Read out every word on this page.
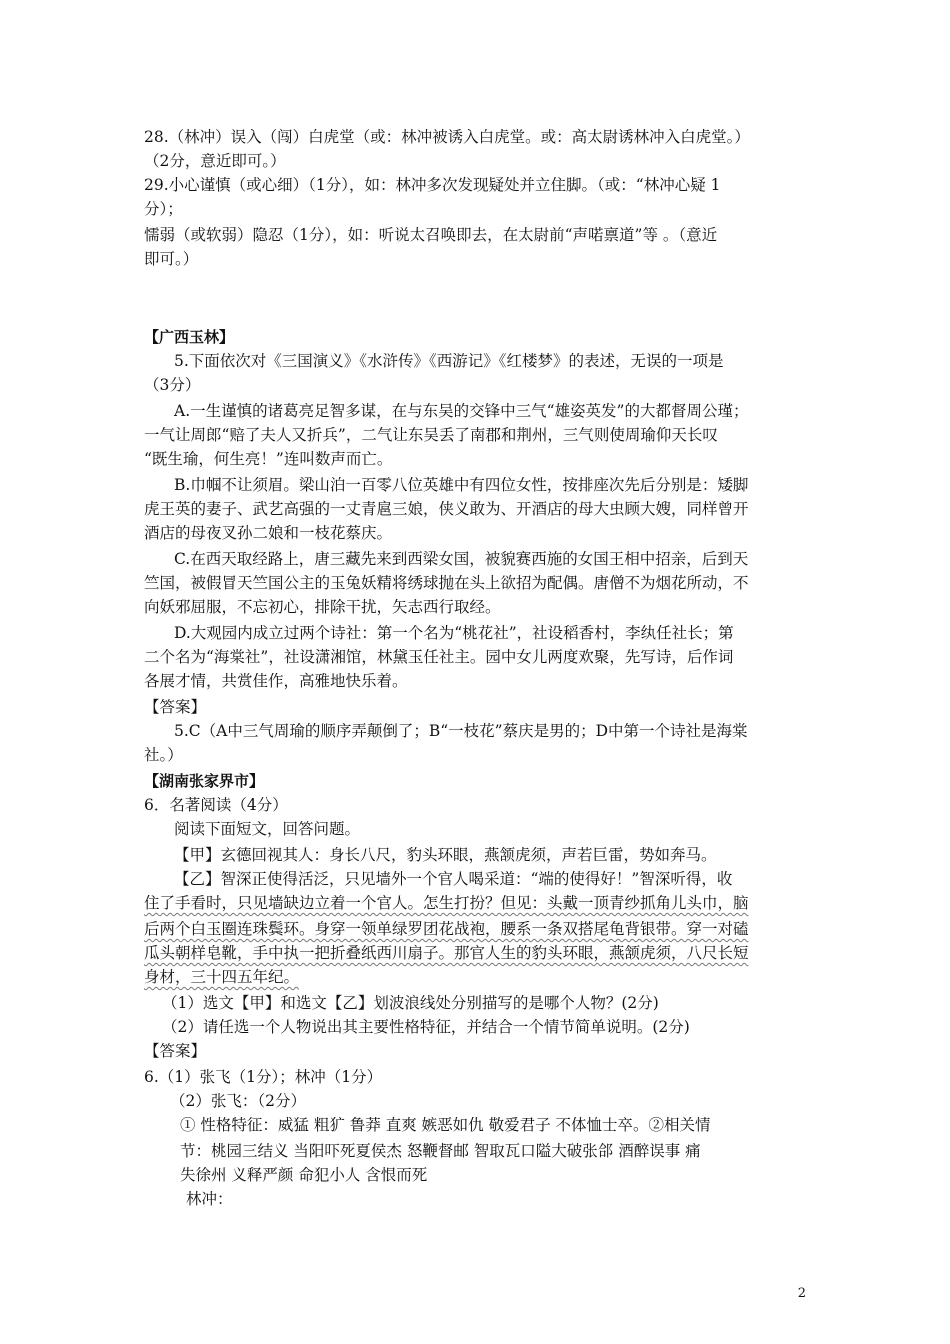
28.（林冲）误入（闯）白虎堂（或：林冲被诱入白虎堂。或：高太尉诱林冲入白虎堂。）
（2分，意近即可。）
29.小心谨慎（或心细）（1分），如：林冲多次发现疑处并立住脚。（或：“林冲心疑 1
分）；
懦弱（或软弱）隐忍（1分），如：听说太召唤即去，在太尉前“声喏禀道”等 。（意近
即可。）
【广西玉林】
5.下面依次对《三国演义》《水浒传》《西游记》《红楼梦》的表述，无误的一项是
（3分）
A.一生谨慎的诸葛亮足智多谋，在与东吴的交锋中三气“雄姿英发”的大都督周公瑾；
一气让周郎“赔了夫人又折兵”，二气让东吴丢了南郡和荆州，三气则使周瑜仰天长叹
“既生瑜，何生亮！”连叫数声而亡。
B.巾帼不让须眉。梁山泊一百零八位英雄中有四位女性，按排座次先后分别是：矮脚
虎王英的妻子、武艺高强的一丈青扈三娘，侠义敢为、开酒店的母大虫顾大嫂，同样曾开
酒店的母夜叉孙二娘和一枝花蔡庆。
C.在西天取经路上，唐三藏先来到西梁女国，被貌赛西施的女国王相中招亲，后到天
竺国，被假冒天竺国公主的玉兔妖精将绣球抛在头上欲招为配偶。唐僧不为烟花所动，不
向妖邪屈服，不忘初心，排除干扰，矢志西行取经。
D.大观园内成立过两个诗社：第一个名为“桃花社”，社设稻香村，李纨任社长；第
二个名为“海棠社”，社设潇湘馆，林黛玉任社主。园中女儿两度欢聚，先写诗，后作词
各展才情，共赏佳作，高雅地快乐着。
【答案】
5.C（A中三气周瑜的顺序弄颠倒了；B“一枝花”蔡庆是男的；D中第一个诗社是海棠
社。）
【湖南张家界市】
6．名著阅读（4分）
阅读下面短文，回答问题。
【甲】玄德回视其人：身长八尺，豹头环眼，燕颔虎须，声若巨雷，势如奔马。
【乙】智深正使得活泛，只见墙外一个官人喝采道：“端的使得好！”智深听得，收
住了手看时，只见墙缺边立着一个官人。怎生打扮？但见：头戴一顶青纱抓角儿头巾，脑
后两个白玉圈连珠鬓环。身穿一领单绿罗团花战袍，腰系一条双搭尾龟背银带。穿一对磕
瓜头朝样皂靴，手中执一把折叠纸西川扇子。那官人生的豹头环眼，燕颔虎须，八尺长短
身材，三十四五年纪。
（1）选文【甲】和选文【乙】划波浪线处分别描写的是哪个人物？(2分)
（2）请任选一个人物说出其主要性格特征，并结合一个情节简单说明。(2分)
【答案】
6.（1）张飞（1分）；林冲（1分）
（2）张飞：（2分）
① 性格特征：威猛 粗犷 鲁莽 直爽 嫉恶如仇 敬爱君子 不体恤士卒。②相关情
节：桃园三结义 当阳吓死夏侯杰 怒鞭督邮 智取瓦口隘大破张郃 酒醉误事 痛
失徐州 义释严颜 命犯小人 含恨而死
林冲：
2
